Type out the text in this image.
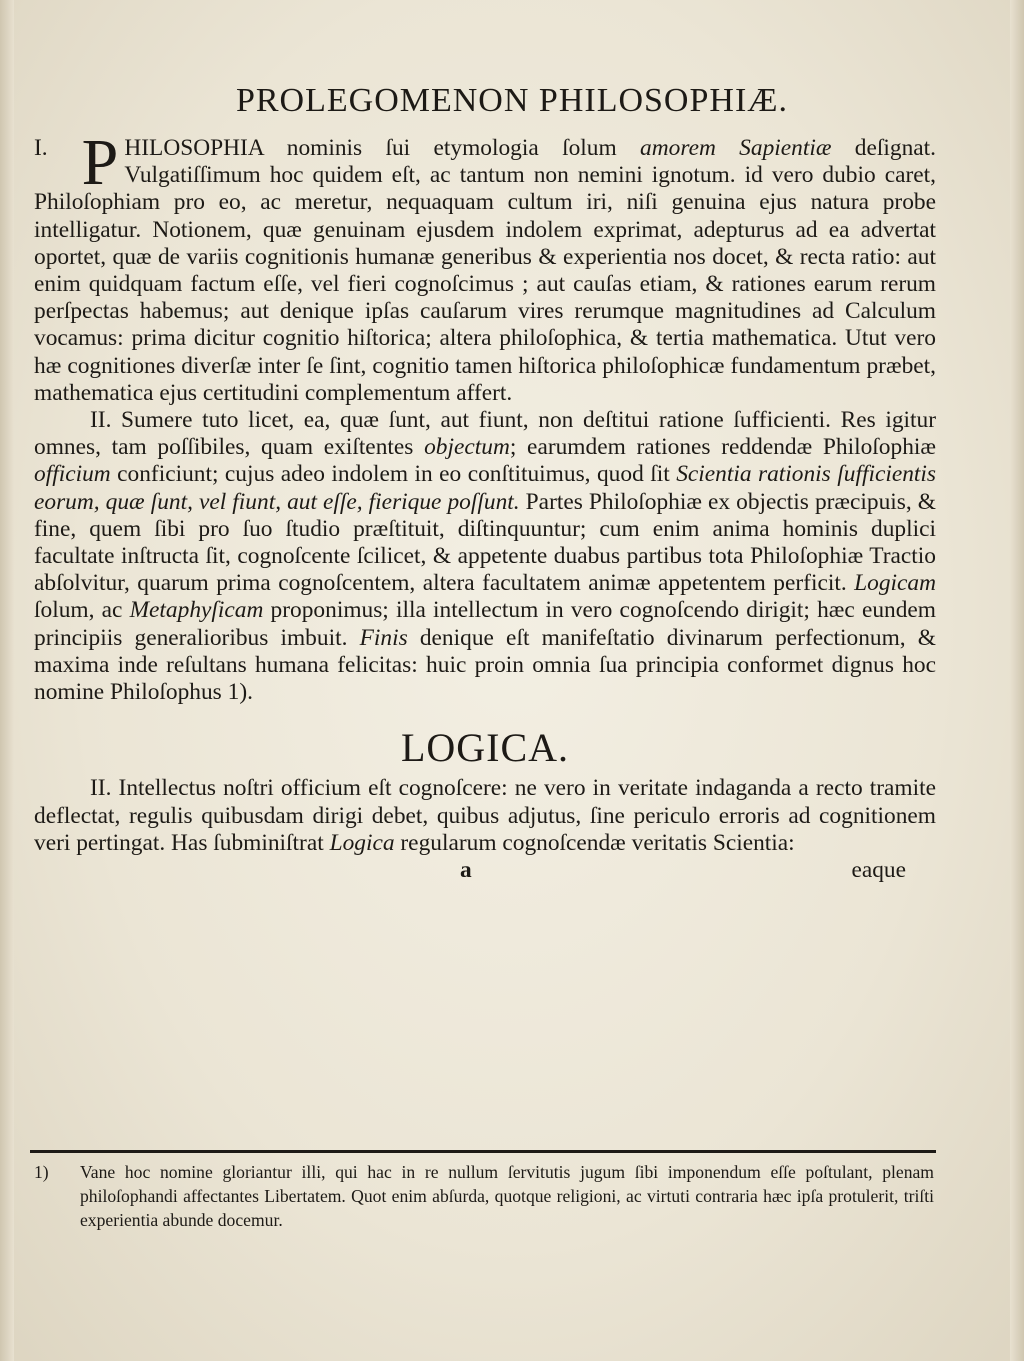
PROLEGOMENON PHILOSOPHIÆ.

I. P HILOSOPHIA nominis ſui etymologia ſolum amorem Sapientiæ deſignat. Vulgatiſſimum hoc quidem eſt, ac tantum non nemini ignotum. id vero dubio caret, Philoſophiam pro eo, ac meretur, nequaquam cultum iri, niſi genuina ejus natura probe intelligatur. Notionem, quæ genuinam ejusdem indolem exprimat, adepturus ad ea advertat oportet, quæ de variis cognitionis humanæ generibus & experientia nos docet, & recta ratio: aut enim quidquam factum eſſe, vel fieri cognoſcimus ; aut cauſas etiam, & rationes earum rerum perſpectas habemus; aut denique ipſas cauſarum vires rerumque magnitudines ad Calculum vocamus: prima dicitur cognitio hiſtorica; altera philoſophica, & tertia mathematica. Utut vero hæ cognitiones diverſæ inter ſe ſint, cognitio tamen hiſtorica philoſophicæ fundamentum præbet, mathematica ejus certitudini complementum affert.

II. Sumere tuto licet, ea, quæ ſunt, aut fiunt, non deſtitui ratione ſufficienti. Res igitur omnes, tam poſſibiles, quam exiſtentes objectum; earumdem rationes reddendæ Philoſophiæ officium conficiunt; cujus adeo indolem in eo conſtituimus, quod ſit Scientia rationis ſufficientis eorum, quæ ſunt, vel fiunt, aut eſſe, fierique poſſunt. Partes Philoſophiæ ex objectis præcipuis, & fine, quem ſibi pro ſuo ſtudio præſtituit, diſtinquuntur; cum enim anima hominis duplici facultate inſtructa ſit, cognoſcente ſcilicet, & appetente duabus partibus tota Philoſophiæ Tractio abſolvitur, quarum prima cognoſcentem, altera facultatem animæ appetentem perficit. Logicam ſolum, ac Metaphyſicam proponimus; illa intellectum in vero cognoſcendo dirigit; hæc eundem principiis generalioribus imbuit. Finis denique eſt manifeſtatio divinarum perfectionum, & maxima inde reſultans humana felicitas: huic proin omnia ſua principia conformet dignus hoc nomine Philoſophus 1).

LOGICA.

II. Intellectus noſtri officium eſt cognoſcere: ne vero in veritate indaganda a recto tramite deflectat, regulis quibusdam dirigi debet, quibus adjutus, ſine periculo erroris ad cognitionem veri pertingat. Has ſubminiſtrat Logica regularum cognoſcendæ veritatis Scientia:

a	eaque
1) Vane hoc nomine gloriantur illi, qui hac in re nullum ſervitutis jugum ſibi imponendum eſſe poſtulant, plenam philoſophandi affectantes Libertatem. Quot enim abſurda, quotque religioni, ac virtuti contraria hæc ipſa protulerit, triſti experientia abunde docemur.
